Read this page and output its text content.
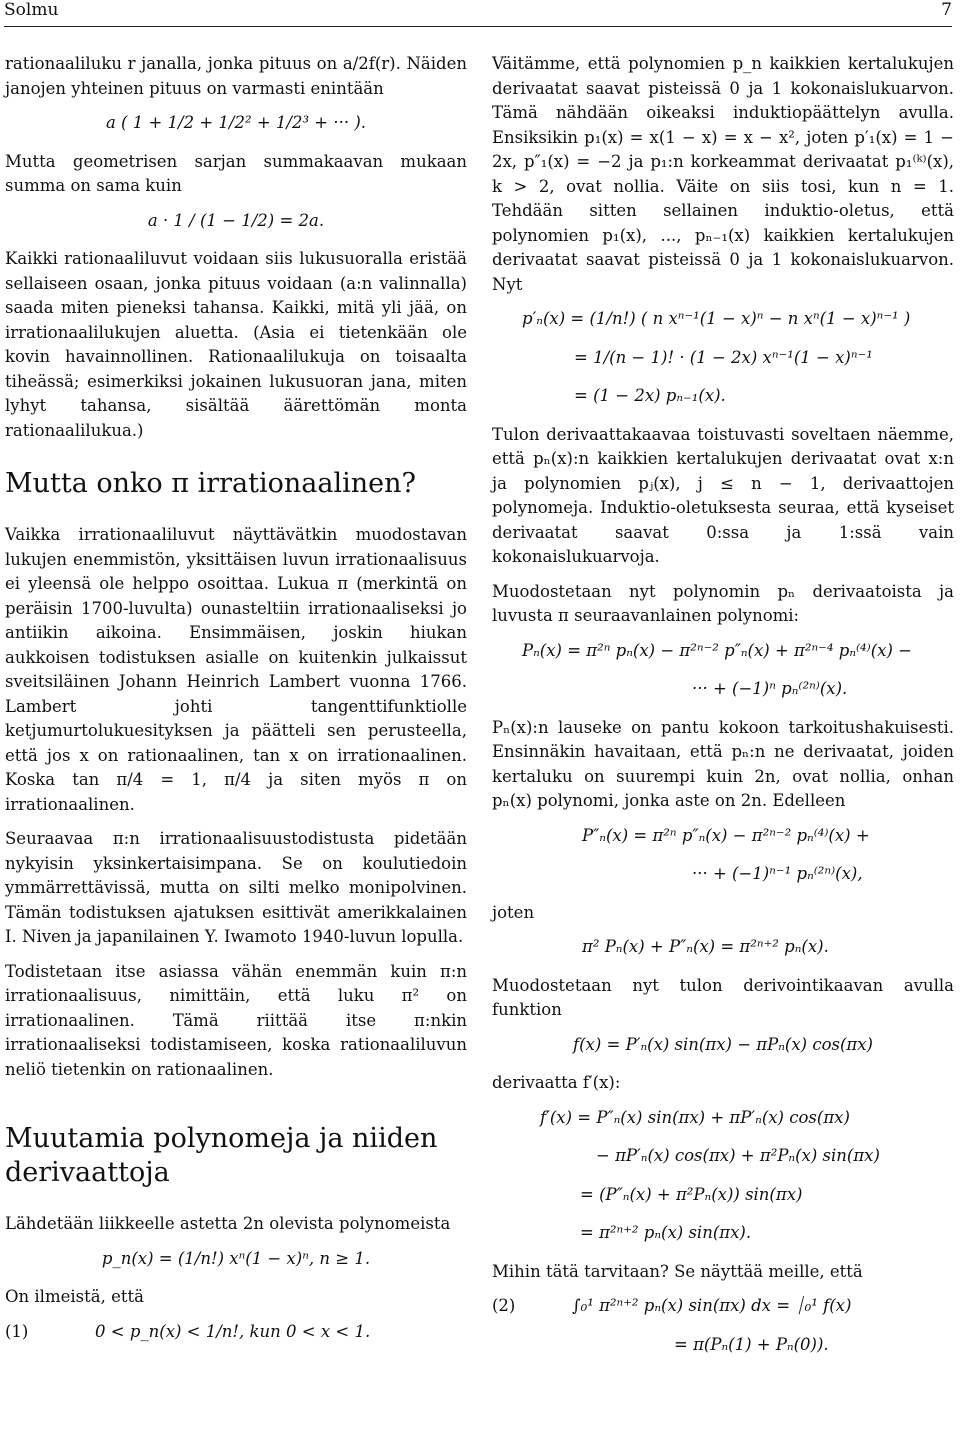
Solmu	7

rationaaliluku r janalla, jonka pituus on a/2f(r). Näiden janojen yhteinen pituus on varmasti enintään

a ( 1 + 1/2 + 1/2² + 1/2³ + ··· ).

Mutta geometrisen sarjan summakaavan mukaan summa on sama kuin

a · 1 / (1 − 1/2) = 2a.

Kaikki rationaaliluvut voidaan siis lukusuoralla eristää sellaiseen osaan, jonka pituus voidaan (a:n valinnalla) saada miten pieneksi tahansa. Kaikki, mitä yli jää, on irrationaalilukujen aluetta. (Asia ei tietenkään ole kovin havainnollinen. Rationaalilukuja on toisaalta tiheässä; esimerkiksi jokainen lukusuoran jana, miten lyhyt tahansa, sisältää äärettömän monta rationaalilukua.)

Mutta onko π irrationaalinen?

Vaikka irrationaaliluvut näyttävätkin muodostavan lukujen enemmistön, yksittäisen luvun irrationaalisuus ei yleensä ole helppo osoittaa. Lukua π (merkintä on peräisin 1700-luvulta) ounasteltiin irrationaaliseksi jo antiikin aikoina. Ensimmäisen, joskin hiukan aukkoisen todistuksen asialle on kuitenkin julkaissut sveitsiläinen Johann Heinrich Lambert vuonna 1766. Lambert johti tangenttifunktiolle ketjumurtolukuesityksen ja päätteli sen perusteella, että jos x on rationaalinen, tan x on irrationaalinen. Koska tan π/4 = 1, π/4 ja siten myös π on irrationaalinen.

Seuraavaa π:n irrationaalisuustodistusta pidetään nykyisin yksinkertaisimpana. Se on koulutiedoin ymmärrettävissä, mutta on silti melko monipolvinen. Tämän todistuksen ajatuksen esittivät amerikkalainen I. Niven ja japanilainen Y. Iwamoto 1940-luvun lopulla.

Todistetaan itse asiassa vähän enemmän kuin π:n irrationaalisuus, nimittäin, että luku π² on irrationaalinen. Tämä riittää itse π:nkin irrationaaliseksi todistamiseen, koska rationaaliluvun neliö tietenkin on rationaalinen.

Muutamia polynomeja ja niiden derivaattoja

Lähdetään liikkeelle astetta 2n olevista polynomeista

p_n(x) = (1/n!) xⁿ(1 − x)ⁿ, n ≥ 1.

On ilmeistä, että

(1)	0 < p_n(x) < 1/n!, kun 0 < x < 1.

Väitämme, että polynomien p_n kaikkien kertalukujen derivaatat saavat pisteissä 0 ja 1 kokonaislukuarvon. Tämä nähdään oikeaksi induktiopäättelyn avulla. Ensiksikin p₁(x) = x(1 − x) = x − x², joten p′₁(x) = 1 − 2x, p″₁(x) = −2 ja p₁:n korkeammat derivaatat p₁⁽ᵏ⁾(x), k > 2, ovat nollia. Väite on siis tosi, kun n = 1. Tehdään sitten sellainen induktio-oletus, että polynomien p₁(x), ..., pₙ₋₁(x) kaikkien kertalukujen derivaatat saavat pisteissä 0 ja 1 kokonaislukuarvon. Nyt

p′ₙ(x) = (1/n!) ( n xⁿ⁻¹(1 − x)ⁿ − n xⁿ(1 − x)ⁿ⁻¹ )
= 1/(n − 1)! · (1 − 2x) xⁿ⁻¹(1 − x)ⁿ⁻¹
= (1 − 2x) pₙ₋₁(x).

Tulon derivaattakaavaa toistuvasti soveltaen näemme, että pₙ(x):n kaikkien kertalukujen derivaatat ovat x:n ja polynomien pⱼ(x), j ≤ n − 1, derivaattojen polynomeja. Induktio-oletuksesta seuraa, että kyseiset derivaatat saavat 0:ssa ja 1:ssä vain kokonaislukuarvoja.

Muodostetaan nyt polynomin pₙ derivaatoista ja luvusta π seuraavanlainen polynomi:

Pₙ(x) = π²ⁿ pₙ(x) − π²ⁿ⁻² p″ₙ(x) + π²ⁿ⁻⁴ pₙ⁽⁴⁾(x) −
··· + (−1)ⁿ pₙ⁽²ⁿ⁾(x).

Pₙ(x):n lauseke on pantu kokoon tarkoitushakuisesti. Ensinnäkin havaitaan, että pₙ:n ne derivaatat, joiden kertaluku on suurempi kuin 2n, ovat nollia, onhan pₙ(x) polynomi, jonka aste on 2n. Edelleen

P″ₙ(x) = π²ⁿ p″ₙ(x) − π²ⁿ⁻² pₙ⁽⁴⁾(x) +
··· + (−1)ⁿ⁻¹ pₙ⁽²ⁿ⁾(x),

joten

π² Pₙ(x) + P″ₙ(x) = π²ⁿ⁺² pₙ(x).

Muodostetaan nyt tulon derivointikaavan avulla funktion

f(x) = P′ₙ(x) sin(πx) − πPₙ(x) cos(πx)

derivaatta f′(x):

f′(x) = P″ₙ(x) sin(πx) + πP′ₙ(x) cos(πx)
− πP′ₙ(x) cos(πx) + π²Pₙ(x) sin(πx)
= (P″ₙ(x) + π²Pₙ(x)) sin(πx)
= π²ⁿ⁺² pₙ(x) sin(πx).

Mihin tätä tarvitaan? Se näyttää meille, että

(2)	∫₀¹ π²ⁿ⁺² pₙ(x) sin(πx) dx = ⏐₀¹ f(x)
= π(Pₙ(1) + Pₙ(0)).
